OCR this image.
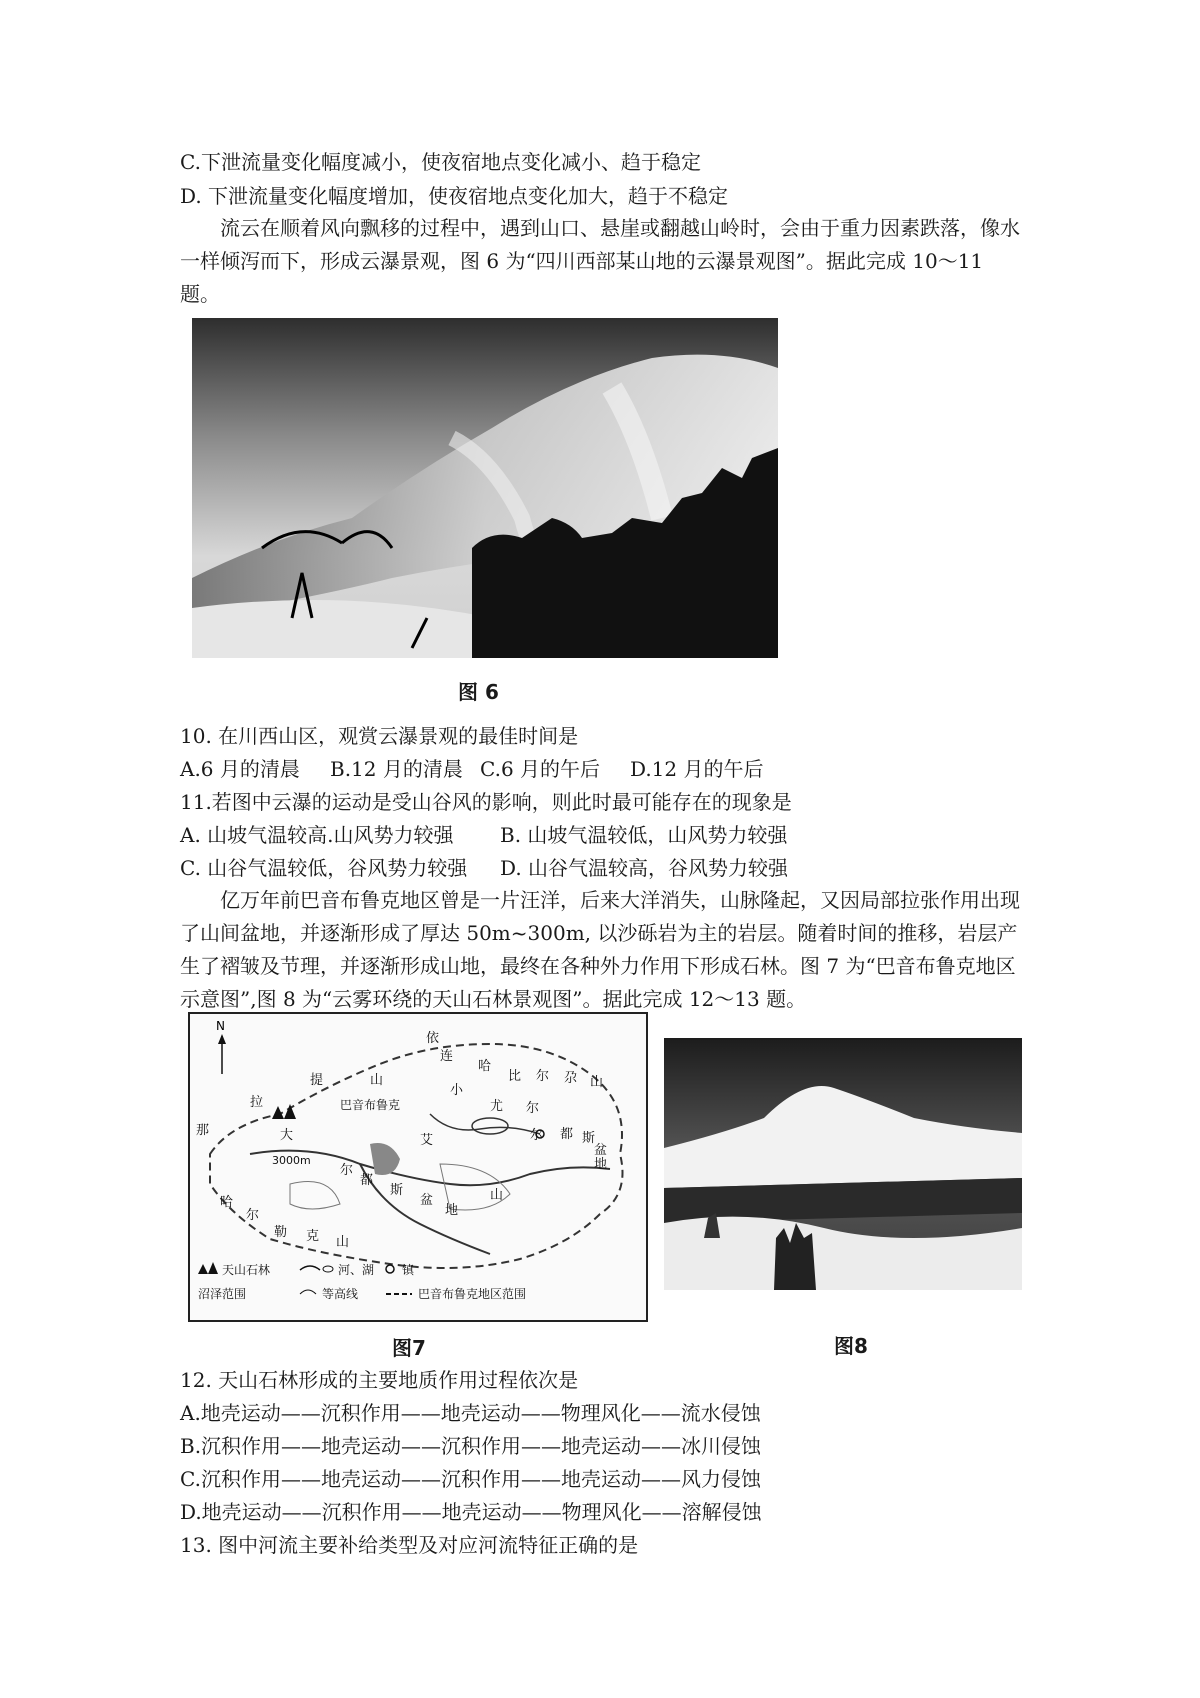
C.下泄流量变化幅度减小，使夜宿地点变化减小、趋于稳定
D. 下泄流量变化幅度增加，使夜宿地点变化加大，趋于不稳定
流云在顺着风向飘移的过程中，遇到山口、悬崖或翻越山岭时，会由于重力因素跌落，像水一样倾泻而下，形成云瀑景观，图 6 为“四川西部某山地的云瀑景观图”。据此完成 10～11 题。
图 6
10. 在川西山区，观赏云瀑景观的最佳时间是
A.6 月的清晨 B.12 月的清晨 C.6 月的午后 D.12 月的午后
11.若图中云瀑的运动是受山谷风的影响，则此时最可能存在的现象是
A. 山坡气温较高.山风势力较强 B. 山坡气温较低，山风势力较强
C. 山谷气温较低，谷风势力较强 D. 山谷气温较高，谷风势力较强
亿万年前巴音布鲁克地区曾是一片汪洋，后来大洋消失，山脉隆起，又因局部拉张作用出现了山间盆地，并逐渐形成了厚达 50m~300m, 以沙砾岩为主的岩层。随着时间的推移，岩层产生了褶皱及节理，并逐渐形成山地，最终在各种外力作用下形成石林。图 7 为“巴音布鲁克地区示意图”,图 8 为“云雾环绕的天山石林景观图”。据此完成 12～13 题。
N
依
连
哈
比 尔 尕 山
提	山
小
拉	巴音布鲁克	尤 尔
那	大	艾	尔 都 斯
盆
地
3000m
尔
都
斯
盆
地
山
哈
尔
勒 克 山
天山石林	河、湖 镇
沼泽范围	等高线	巴音布鲁克地区范围
图7	图8
12. 天山石林形成的主要地质作用过程依次是
A.地壳运动——沉积作用——地壳运动——物理风化——流水侵蚀
B.沉积作用——地壳运动——沉积作用——地壳运动——冰川侵蚀
C.沉积作用——地壳运动——沉积作用——地壳运动——风力侵蚀
D.地壳运动——沉积作用——地壳运动——物理风化——溶解侵蚀
13. 图中河流主要补给类型及对应河流特征正确的是
